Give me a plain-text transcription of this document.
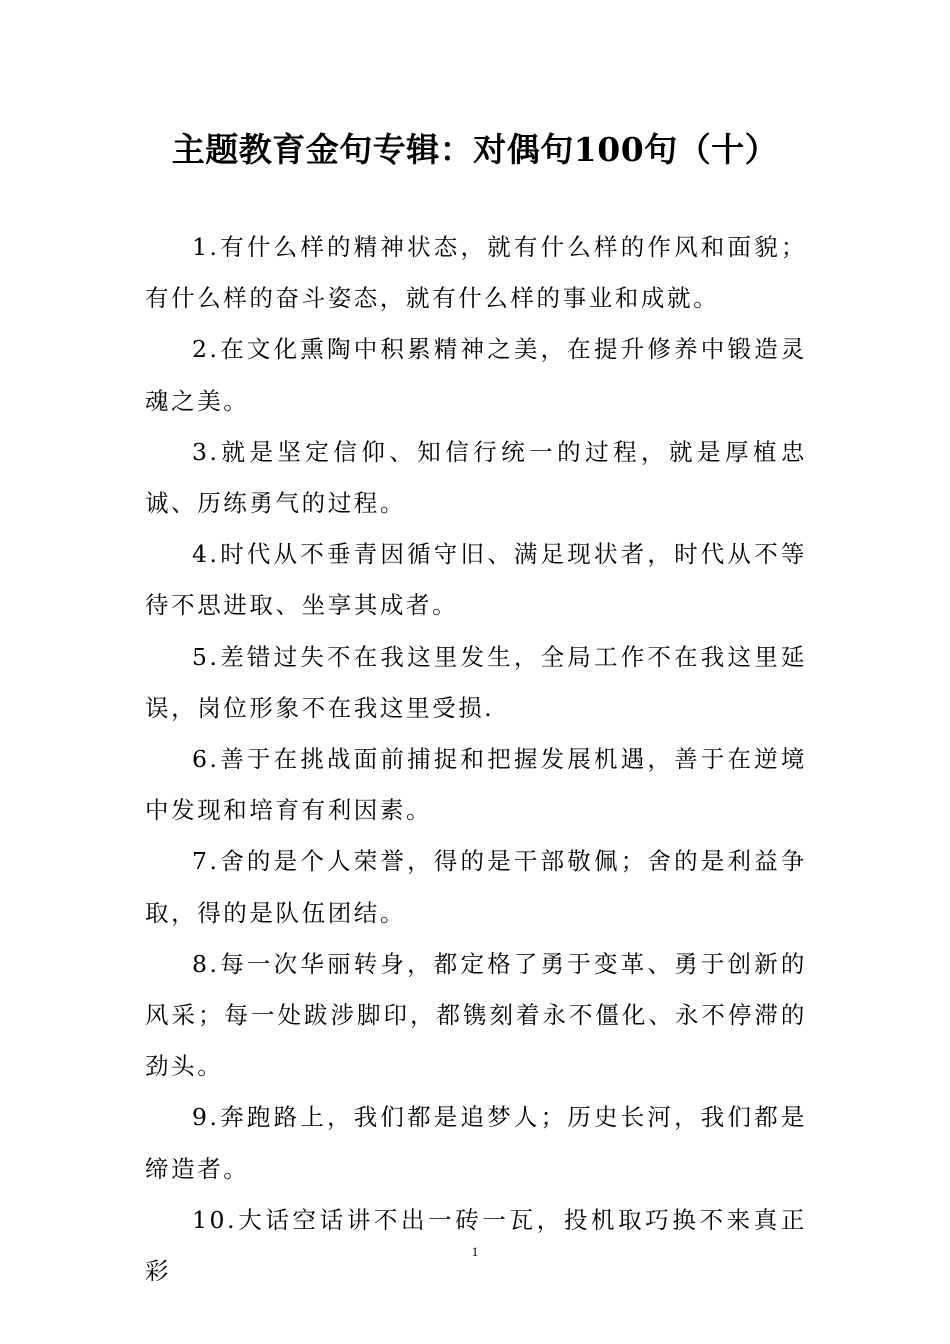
主题教育金句专辑：对偶句100句（十）

1.有什么样的精神状态，就有什么样的作风和面貌；有什么样的奋斗姿态，就有什么样的事业和成就。

2.在文化熏陶中积累精神之美，在提升修养中锻造灵魂之美。

3.就是坚定信仰、知信行统一的过程，就是厚植忠诚、历练勇气的过程。

4.时代从不垂青因循守旧、满足现状者，时代从不等待不思进取、坐享其成者。

5.差错过失不在我这里发生，全局工作不在我这里延误，岗位形象不在我这里受损.

6.善于在挑战面前捕捉和把握发展机遇，善于在逆境中发现和培育有利因素。

7.舍的是个人荣誉，得的是干部敬佩；舍的是利益争取，得的是队伍团结。

8.每一次华丽转身，都定格了勇于变革、勇于创新的风采；每一处跋涉脚印，都镌刻着永不僵化、永不停滞的劲头。

9.奔跑路上，我们都是追梦人；历史长河，我们都是缔造者。

10.大话空话讲不出一砖一瓦，投机取巧换不来真正彩

1
